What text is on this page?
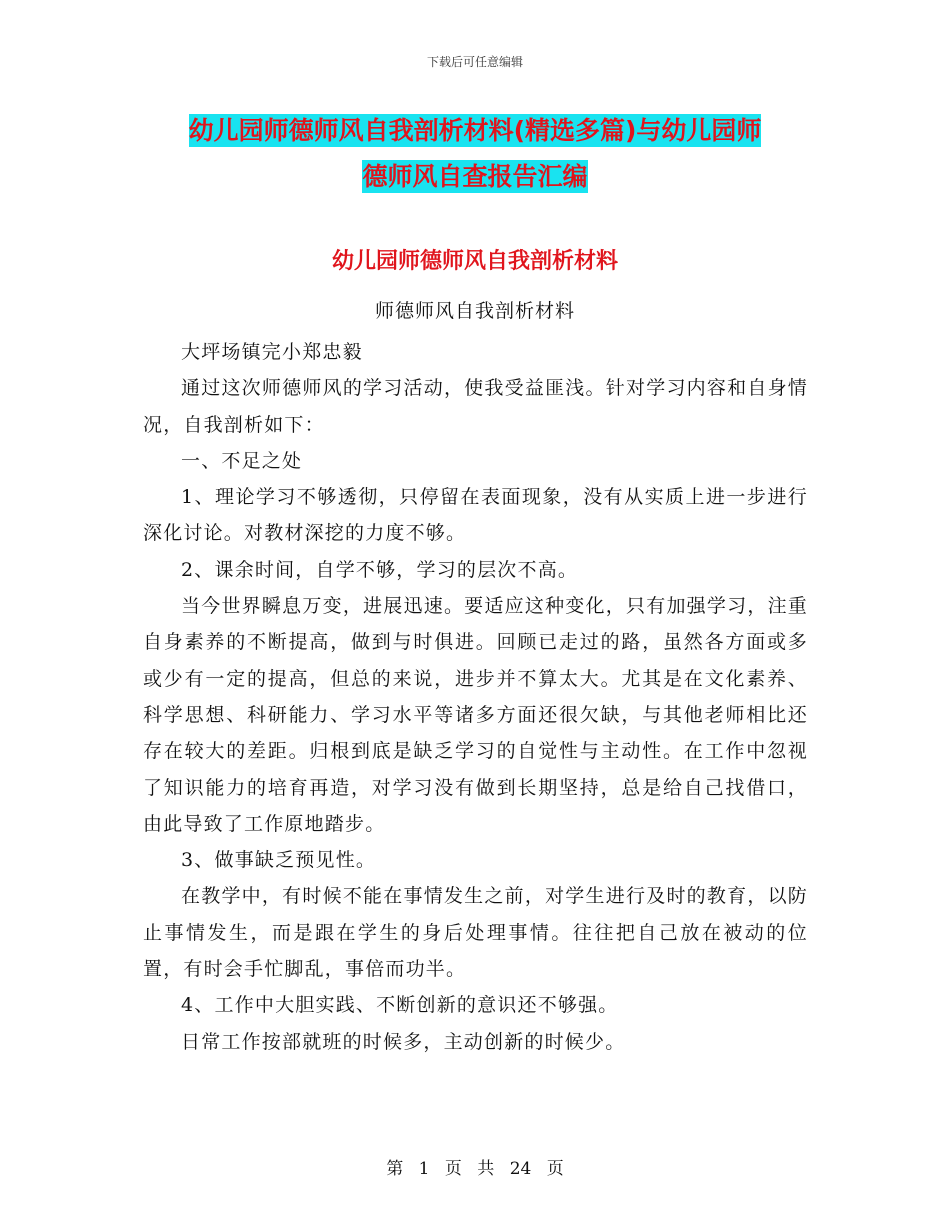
下载后可任意编辑
幼儿园师德师风自我剖析材料(精选多篇)与幼儿园师
德师风自查报告汇编
幼儿园师德师风自我剖析材料
师德师风自我剖析材料

大坪场镇完小郑忠毅

通过这次师德师风的学习活动，使我受益匪浅。针对学习内容和自身情况，自我剖析如下：

一、不足之处

1、理论学习不够透彻，只停留在表面现象，没有从实质上进一步进行深化讨论。对教材深挖的力度不够。

2、课余时间，自学不够，学习的层次不高。

当今世界瞬息万变，进展迅速。要适应这种变化，只有加强学习，注重自身素养的不断提高，做到与时俱进。回顾已走过的路，虽然各方面或多或少有一定的提高，但总的来说，进步并不算太大。尤其是在文化素养、科学思想、科研能力、学习水平等诸多方面还很欠缺，与其他老师相比还存在较大的差距。归根到底是缺乏学习的自觉性与主动性。在工作中忽视了知识能力的培育再造，对学习没有做到长期坚持，总是给自己找借口，由此导致了工作原地踏步。

3、做事缺乏预见性。

在教学中，有时候不能在事情发生之前，对学生进行及时的教育，以防止事情发生，而是跟在学生的身后处理事情。往往把自己放在被动的位置，有时会手忙脚乱，事倍而功半。

4、工作中大胆实践、不断创新的意识还不够强。

日常工作按部就班的时候多，主动创新的时候少。

第 1 页 共 24 页
